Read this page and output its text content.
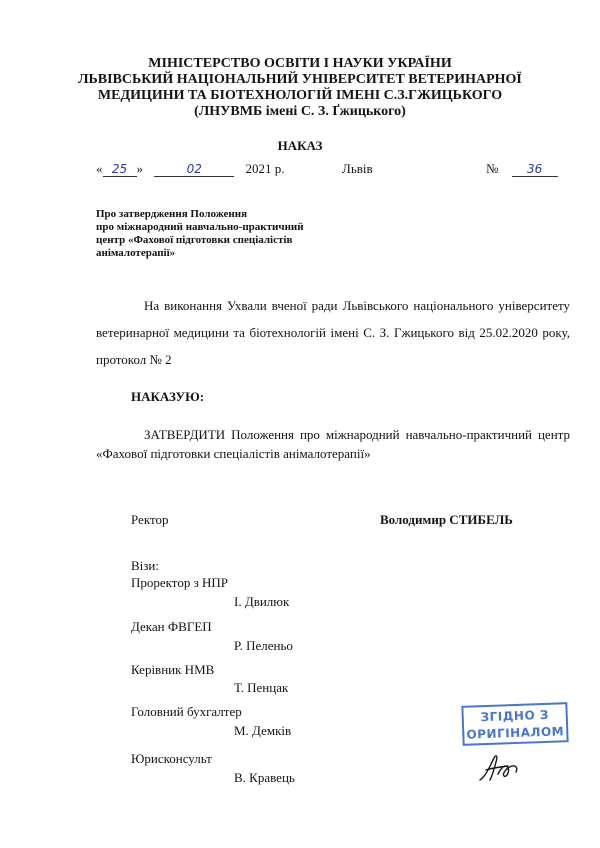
МІНІСТЕРСТВО ОСВІТИ І НАУКИ УКРАЇНИ
ЛЬВІВСЬКИЙ НАЦІОНАЛЬНИЙ УНІВЕРСИТЕТ ВЕТЕРИНАРНОЇ
МЕДИЦИНИ ТА БІОТЕХНОЛОГІЙ ІМЕНІ С.З.ГЖИЦЬКОГО
(ЛНУВМБ імені С. З. Ґжицького)
НАКАЗ
« 25 »	02	2021 р.	Львів	№ 36
Про затвердження Положення
про міжнародний навчально-практичний
центр «Фахової підготовки спеціалістів
анімалотерапії»

На виконання Ухвали вченої ради Львівського національного університету ветеринарної медицини та біотехнологій імені С. З. Гжицького від 25.02.2020 року, протокол № 2

НАКАЗУЮ:

ЗАТВЕРДИТИ Положення про міжнародний навчально-практичний центр «Фахової підготовки спеціалістів анімалотерапії»

Ректор	Володимир СТИБЕЛЬ
Візи:
Проректор з НПР
І. Двилюк
Декан ФВГЕП
Р. Пеленьо
Керівник НМВ
Т. Пенцак
Головний бухгалтер
М. Демків
Юрисконсульт
В. Кравець
ЗГІДНО З
ОРИГІНАЛОМ
